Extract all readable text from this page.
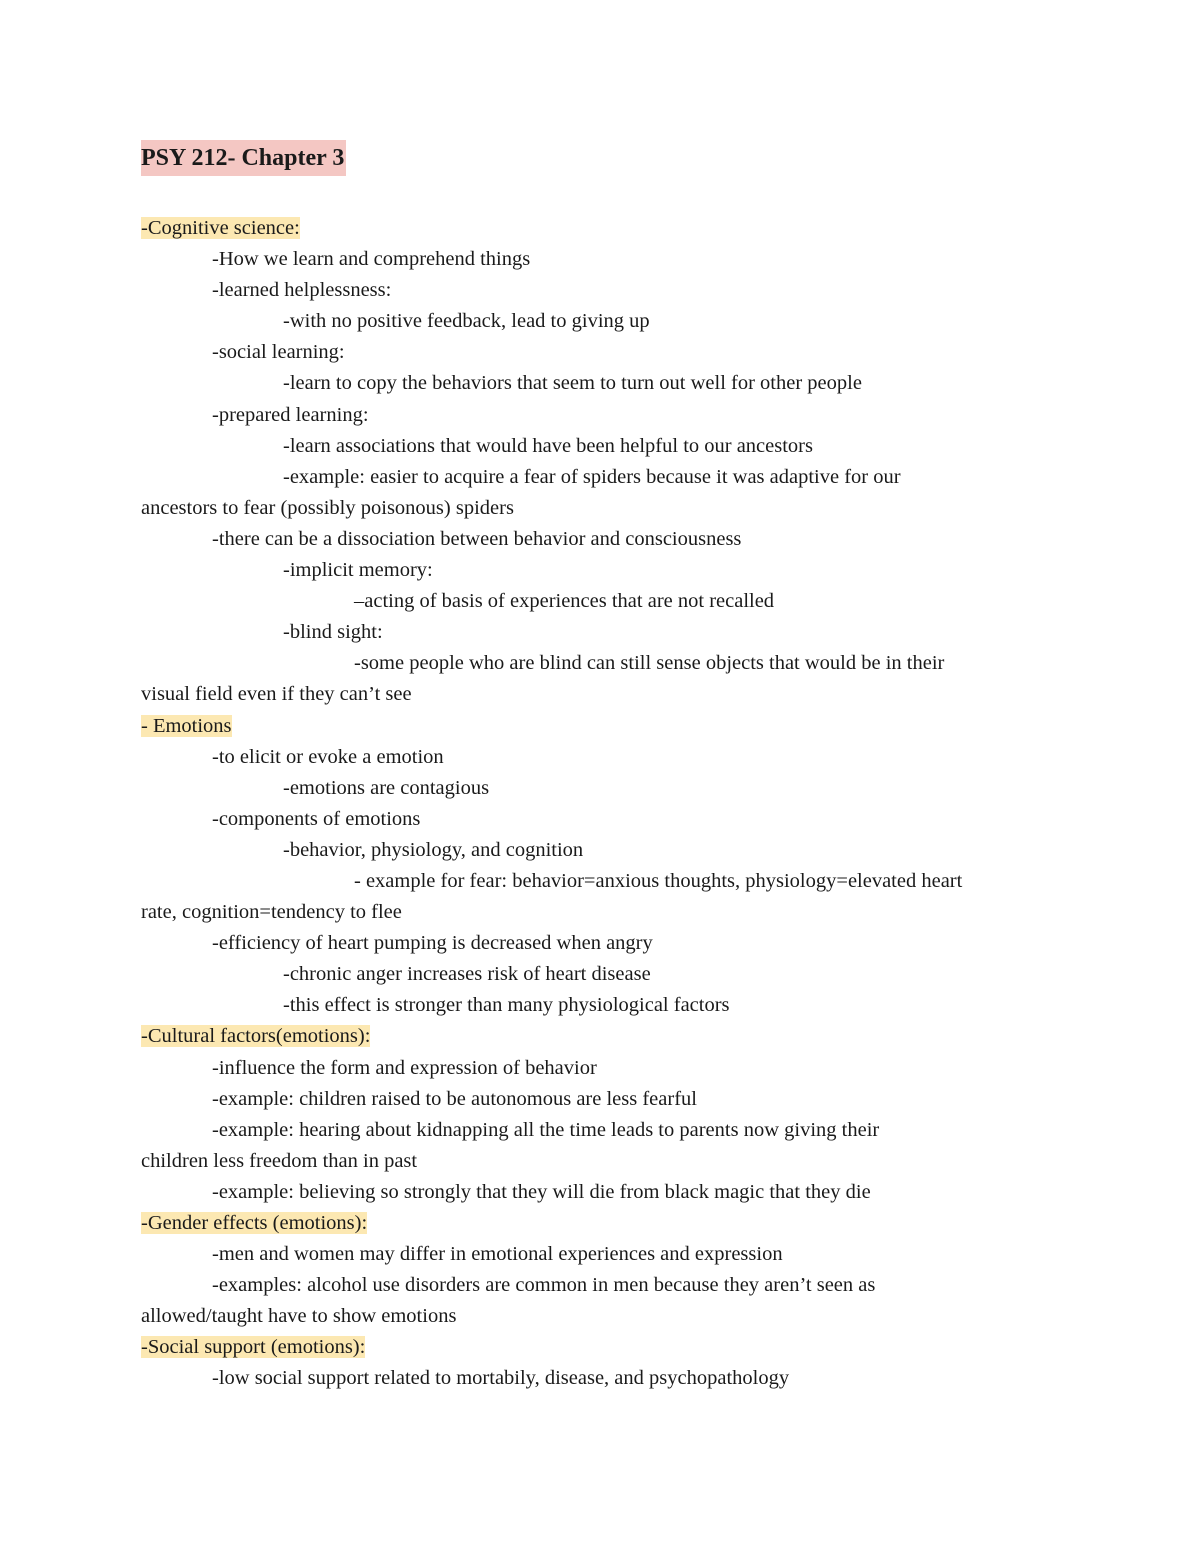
PSY 212- Chapter 3
-Cognitive science:
-How we learn and comprehend things
-learned helplessness:
-with no positive feedback, lead to giving up
-social learning:
-learn to copy the behaviors that seem to turn out well for other people
-prepared learning:
-learn associations that would have been helpful to our ancestors
-example: easier to acquire a fear of spiders because it was adaptive for our
ancestors to fear (possibly poisonous) spiders
-there can be a dissociation between behavior and consciousness
-implicit memory:
–acting of basis of experiences that are not recalled
-blind sight:
-some people who are blind can still sense objects that would be in their
visual field even if they can’t see
- Emotions
-to elicit or evoke a emotion
-emotions are contagious
-components of emotions
-behavior, physiology, and cognition
- example for fear: behavior=anxious thoughts, physiology=elevated heart
rate, cognition=tendency to flee
-efficiency of heart pumping is decreased when angry
-chronic anger increases risk of heart disease
-this effect is stronger than many physiological factors
-Cultural factors(emotions):
-influence the form and expression of behavior
-example: children raised to be autonomous are less fearful
-example: hearing about kidnapping all the time leads to parents now giving their
children less freedom than in past
-example: believing so strongly that they will die from black magic that they die
-Gender effects (emotions):
-men and women may differ in emotional experiences and expression
-examples: alcohol use disorders are common in men because they aren’t seen as
allowed/taught have to show emotions
-Social support (emotions):
-low social support related to mortabily, disease, and psychopathology
